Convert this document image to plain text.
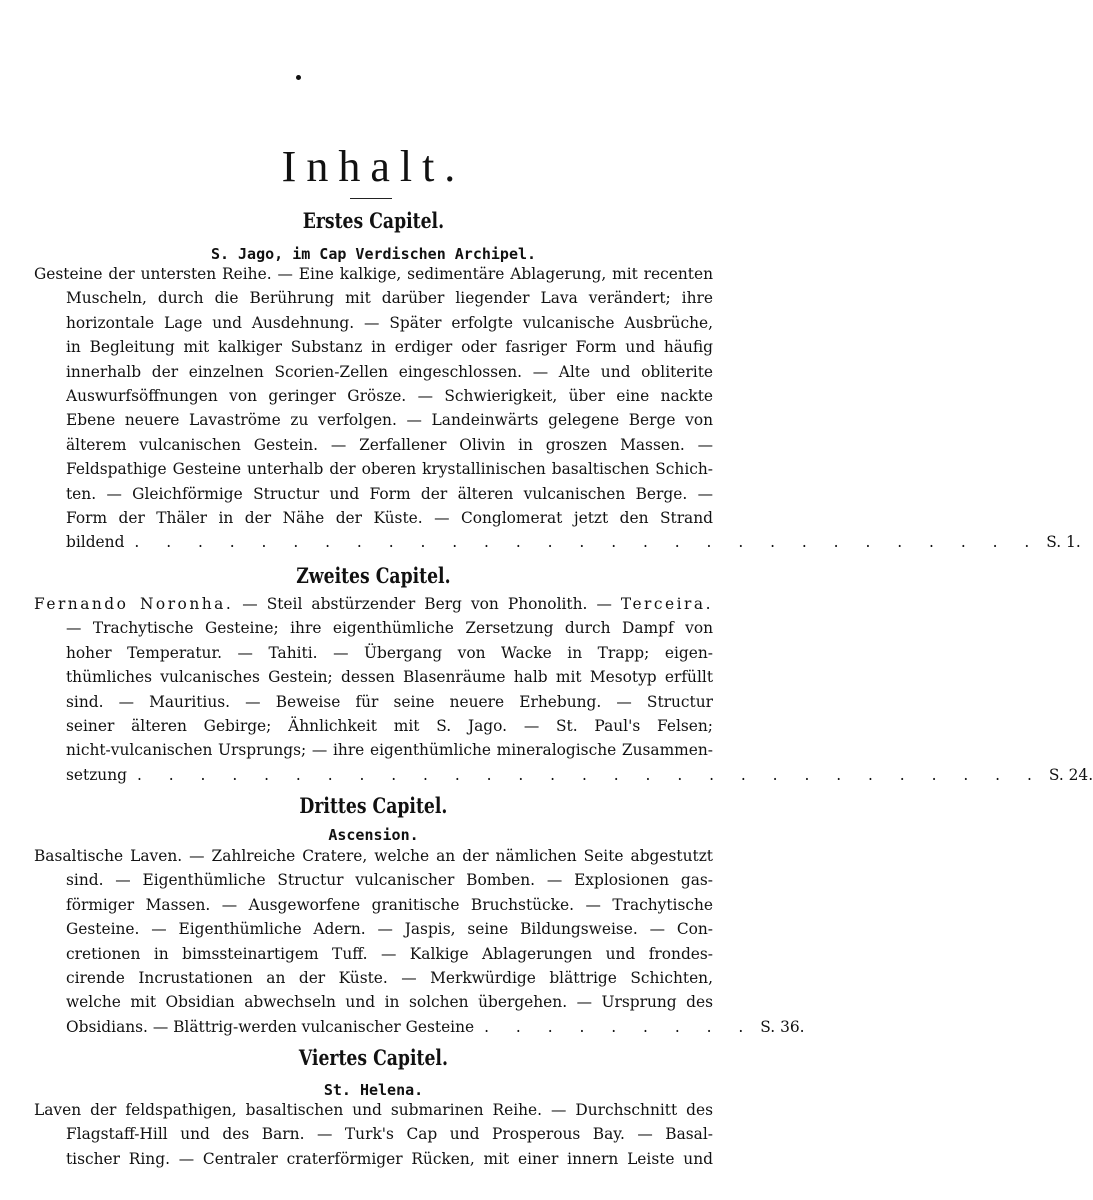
Inhalt.
Erstes Capitel.
S. Jago, im Cap Verdischen Archipel.
Gesteine der untersten Reihe. — Eine kalkige, sedimentäre Ablagerung, mit recenten
Muscheln, durch die Berührung mit darüber liegender Lava verändert; ihre
horizontale Lage und Ausdehnung. — Später erfolgte vulcanische Ausbrüche,
in Begleitung mit kalkiger Substanz in erdiger oder fasriger Form und häufig
innerhalb der einzelnen Scorien-Zellen eingeschlossen. — Alte und obliterite
Auswurfsöffnungen von geringer Grösze. — Schwierigkeit, über eine nackte
Ebene neuere Lavaströme zu verfolgen. — Landeinwärts gelegene Berge von
älterem vulcanischen Gestein. — Zerfallener Olivin in groszen Massen. —
Feldspathige Gesteine unterhalb der oberen krystallinischen basaltischen Schich-
ten. — Gleichförmige Structur und Form der älteren vulcanischen Berge. —
Form der Thäler in der Nähe der Küste. — Conglomerat jetzt den Strand
bildend . . . . . . . . . . . . . . . . . . . . . . . . . . . . . S. 1.
Zweites Capitel.
Fernando Noronha. — Steil abstürzender Berg von Phonolith. — Terceira.
— Trachytische Gesteine; ihre eigenthümliche Zersetzung durch Dampf von
hoher Temperatur. — Tahiti. — Übergang von Wacke in Trapp; eigen-
thümliches vulcanisches Gestein; dessen Blasenräume halb mit Mesotyp erfüllt
sind. — Mauritius. — Beweise für seine neuere Erhebung. — Structur
seiner älteren Gebirge; Ähnlichkeit mit S. Jago. — St. Paul's Felsen;
nicht-vulcanischen Ursprungs; — ihre eigenthümliche mineralogische Zusammen-
setzung . . . . . . . . . . . . . . . . . . . . . . . . . . . . . S. 24.
Drittes Capitel.
Ascension.
Basaltische Laven. — Zahlreiche Cratere, welche an der nämlichen Seite abgestutzt
sind. — Eigenthümliche Structur vulcanischer Bomben. — Explosionen gas-
förmiger Massen. — Ausgeworfene granitische Bruchstücke. — Trachytische
Gesteine. — Eigenthümliche Adern. — Jaspis, seine Bildungsweise. — Con-
cretionen in bimssteinartigem Tuff. — Kalkige Ablagerungen und frondes-
cirende Incrustationen an der Küste. — Merkwürdige blättrige Schichten,
welche mit Obsidian abwechseln und in solchen übergehen. — Ursprung des
Obsidians. — Blättrig-werden vulcanischer Gesteine . . . . . . . . . S. 36.
Viertes Capitel.
St. Helena.
Laven der feldspathigen, basaltischen und submarinen Reihe. — Durchschnitt des
Flagstaff-Hill und des Barn. — Turk's Cap und Prosperous Bay. — Basal-
tischer Ring. — Centraler craterförmiger Rücken, mit einer innern Leiste und
